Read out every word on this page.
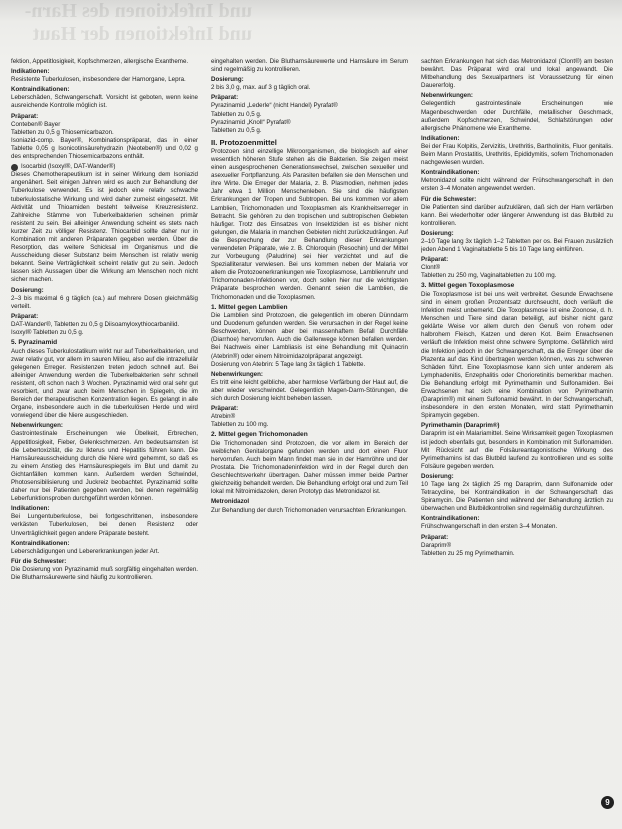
und Infektionen des Harn-
und Infektionen der Haut

fektion, Appetitlosigkeit, Kopfschmerzen, allergische Exantheme.

Indikationen:

Resistente Tuberkulosen, insbesondere der Harnorgane, Lepra.

Kontraindikationen:

Leberschäden, Schwangerschaft. Vorsicht ist geboten, wenn keine ausreichende Kontrolle möglich ist.

Präparat:

Conteben® Bayer

Tabletten zu 0,5 g Thiosemicarbazon.

Isoniazid-comp. Bayer®, Kombinationspräparat, das in einer Tablette 0,05 g Isonicotinsäurehydrazin (Neoteben®) und 0,02 g des entsprechenden Thiosemicarbazons enthält.

Isocarbid (Isoxyl®, DAT-Wander®)

Dieses Chemotherapeutikum ist in seiner Wirkung dem Isoniazid angenähert. Seit einigen Jahren wird es auch zur Behandlung der Tuberkulose verwendet. Es ist jedoch eine relativ schwache tuberkulostatische Wirkung und wird daher zumeist eingesetzt. Mit Aktivität und Thioamiden besteht teilweise Kreuzresistenz. Zahlreiche Stämme von Tuberkelbakterien scheinen primär resistent zu sein. Bei alleiniger Anwendung scheint es stets nach kurzer Zeit zu völliger Resistenz. Thiocarbid sollte daher nur in Kombination mit anderen Präparaten gegeben werden. Über die Resorption, das weitere Schicksal im Organismus und die Ausscheidung dieser Substanz beim Menschen ist relativ wenig bekannt. Seine Verträglichkeit scheint relativ gut zu sein. Jedoch lassen sich Aussagen über die Wirkung am Menschen noch nicht sicher machen.

Dosierung:

2–3 bis maximal 6 g täglich (ca.) auf mehrere Dosen gleichmäßig verteilt.

Präparat:

DAT-Wander®, Tabletten zu 0,5 g Diisoamyloxythiocarbanilid.

Isoxyl® Tabletten zu 0,5 g.

5. Pyrazinamid

Auch dieses Tuberkulostatikum wirkt nur auf Tuberkelbakterien, und zwar relativ gut, vor allem im sauren Milieu, also auf die intrazellulär gelegenen Erreger. Resistenzen treten jedoch schnell auf. Bei alleiniger Anwendung werden die Tuberkelbakterien sehr schnell resistent, oft schon nach 3 Wochen. Pyrazinamid wird oral sehr gut resorbiert, und zwar auch beim Menschen in Spiegeln, die im Bereich der therapeutischen Konzentration liegen. Es gelangt in alle Organe, insbesondere auch in die tuberkulösen Herde und wird vorwiegend über die Niere ausgeschieden.

Nebenwirkungen:

Gastrointestinale Erscheinungen wie Übelkeit, Erbrechen, Appetitlosigkeit, Fieber, Gelenkschmerzen. Am bedeutsamsten ist die Lebertoxizität, die zu Ikterus und Hepatitis führen kann. Die Harnsäureausscheidung durch die Niere wird gehemmt, so daß es zu einem Anstieg des Harnsäurespiegels im Blut und damit zu Gichtanfällen kommen kann. Außerdem werden Schwindel, Photosensibilisierung und Juckreiz beobachtet. Pyrazinamid sollte daher nur bei Patienten gegeben werden, bei denen regelmäßig Leberfunktionsproben durchgeführt werden können.

Indikationen:

Bei Lungentuberkulose, bei fortgeschrittenen, insbesondere verkästen Tuberkulosen, bei denen Resistenz oder Unverträglichkeit gegen andere Präparate besteht.

Kontraindikationen:

Leberschädigungen und Lebererkrankungen jeder Art.

Für die Schwester:

Die Dosierung von Pyrazinamid muß sorgfältig eingehalten werden. Die Blutharnsäurewerte sind häufig zu kontrollieren.

eingehalten werden. Die Blutharnsäurewerte und Harnsäure im Serum sind regelmäßig zu kontrollieren.

Dosierung:

2 bis 3,0 g, max. auf 3 g täglich oral.

Präparat:

Pyrazinamid „Lederle“ (nicht Handel) Pyrafat®

Tabletten zu 0,5 g.

Pyrazinamid „Knoll“ Pyrafat®

Tabletten zu 0,5 g.

II. Protozoenmittel

Protozoen sind einzellige Mikroorganismen, die biologisch auf einer wesentlich höheren Stufe stehen als die Bakterien. Sie zeigen meist einen ausgesprochenen Generationswechsel, zwischen sexueller und asexueller Fortpflanzung. Als Parasiten befallen sie den Menschen und ihre Wirte. Die Erreger der Malaria, z. B. Plasmodien, nehmen jedes Jahr etwa 1 Million Menschenleben. Sie sind die häufigsten Erkrankungen der Tropen und Subtropen. Bei uns kommen vor allem Lamblien, Trichomonaden und Toxoplasmen als Krankheitserreger in Betracht. Sie gehören zu den tropischen und subtropischen Gebieten häufiger. Trotz des Einsatzes von Insektiziden ist es bisher nicht gelungen, die Malaria in manchen Gebieten nicht zurückzudrängen. Auf die Besprechung der zur Behandlung dieser Erkrankungen verwendeten Präparate, wie z. B. Chloroquin (Resochin) und der Mittel zur Vorbeugung (Paludrine) sei hier verzichtet und auf die Spezialliteratur verwiesen. Bei uns kommen neben der Malaria vor allem die Protozoenerkrankungen wie Toxoplasmose, Lamblienruhr und Trichomonaden-Infektionen vor, doch sollen hier nur die wichtigsten Präparate besprochen werden. Genannt seien die Lamblien, die Trichomonaden und die Toxoplasmen.

1. Mittel gegen Lamblien

Die Lamblien sind Protozoen, die gelegentlich im oberen Dünndarm und Duodenum gefunden werden. Sie verursachen in der Regel keine Beschwerden, können aber bei massenhaftem Befall Durchfälle (Diarrhoe) hervorrufen. Auch die Gallenwege können befallen werden. Bei Nachweis einer Lambliasis ist eine Behandlung mit Quinacrin (Atebrin®) oder einem Nitroimidazolpräparat angezeigt.

Dosierung von Atebrin: 5 Tage lang 3x täglich 1 Tablette.

Nebenwirkungen:

Es tritt eine leicht gelbliche, aber harmlose Verfärbung der Haut auf, die aber wieder verschwindet. Gelegentlich Magen-Darm-Störungen, die sich durch Dosierung leicht beheben lassen.

Präparat:

Atrebin®

Tabletten zu 100 mg.

2. Mittel gegen Trichomonaden

Die Trichomonaden sind Protozoen, die vor allem im Bereich der weiblichen Genitalorgane gefunden werden und dort einen Fluor hervorrufen. Auch beim Mann findet man sie in der Harnröhre und der Prostata. Die Trichomonadeninfektion wird in der Regel durch den Geschlechtsverkehr übertragen. Daher müssen immer beide Partner gleichzeitig behandelt werden. Die Behandlung erfolgt oral und zum Teil lokal mit Nitroimidazolen, deren Prototyp das Metronidazol ist.

Metronidazol

Zur Behandlung der durch Trichomonaden verursachten Erkrankungen.

sachten Erkrankungen hat sich das Metronidazol (Clont®) am besten bewährt. Das Präparat wird oral und lokal angewandt. Die Mitbehandlung des Sexualpartners ist Voraussetzung für einen Dauererfolg.

Nebenwirkungen:

Gelegentlich gastrointestinale Erscheinungen wie Magenbeschwerden oder Durchfälle, metallischer Geschmack, außerdem Kopfschmerzen, Schwindel, Schlafstörungen oder allergische Phänomene wie Exantheme.

Indikationen:

Bei der Frau Kolpitis, Zervizitis, Urethritis, Bartholinitis, Fluor genitalis. Beim Mann Prostatitis, Urethritis, Epididymitis, sofern Trichomonaden nachgewiesen wurden.

Kontraindikationen:

Metronidazol sollte nicht während der Frühschwangerschaft in den ersten 3–4 Monaten angewendet werden.

Für die Schwester:

Die Patienten sind darüber aufzuklären, daß sich der Harn verfärben kann. Bei wiederholter oder längerer Anwendung ist das Blutbild zu kontrollieren.

Dosierung:

2–10 Tage lang 3x täglich 1–2 Tabletten per os. Bei Frauen zusätzlich jeden Abend 1 Vaginaltablette 5 bis 10 Tage lang einführen.

Präparat:

Clont®

Tabletten zu 250 mg, Vaginaltabletten zu 100 mg.

3. Mittel gegen Toxoplasmose

Die Toxoplasmose ist bei uns weit verbreitet. Gesunde Erwachsene sind in einem großen Prozentsatz durchseucht, doch verläuft die Infektion meist unbemerkt. Die Toxoplasmose ist eine Zoonose, d. h. Menschen und Tiere sind daran beteiligt, auf bisher nicht ganz geklärte Weise vor allem durch den Genuß von rohem oder halbrohem Fleisch, Katzen und deren Kot. Beim Erwachsenen verläuft die Infektion meist ohne schwere Symptome. Gefährlich wird die Infektion jedoch in der Schwangerschaft, da die Erreger über die Plazenta auf das Kind übertragen werden können, was zu schweren Schäden führt. Eine Toxoplasmose kann sich unter anderem als Lymphadenitis, Enzephalitis oder Chorioretinitis bemerkbar machen. Die Behandlung erfolgt mit Pyrimethamin und Sulfonamiden. Bei Erwachsenen hat sich eine Kombination von Pyrimethamin (Daraprim®) mit einem Sulfonamid bewährt. In der Schwangerschaft, insbesondere in den ersten Monaten, wird statt Pyrimethamin Spiramycin gegeben.

Pyrimethamin (Daraprim®)

Daraprim ist ein Malariamittel. Seine Wirksamkeit gegen Toxoplasmen ist jedoch ebenfalls gut, besonders in Kombination mit Sulfonamiden. Mit Rücksicht auf die Folsäureantagonistische Wirkung des Pyrimethamins ist das Blutbild laufend zu kontrollieren und es sollte Folsäure gegeben werden.

Dosierung:

10 Tage lang 2x täglich 25 mg Daraprim, dann Sulfonamide oder Tetracycline, bei Kontraindikation in der Schwangerschaft das Spiramycin. Die Patienten sind während der Behandlung ärztlich zu überwachen und Blutbildkontrollen sind regelmäßig durchzuführen.

Kontraindikationen:

Frühschwangerschaft in den ersten 3–4 Monaten.

Präparat:

Daraprim®

Tabletten zu 25 mg Pyrimethamin.

9
